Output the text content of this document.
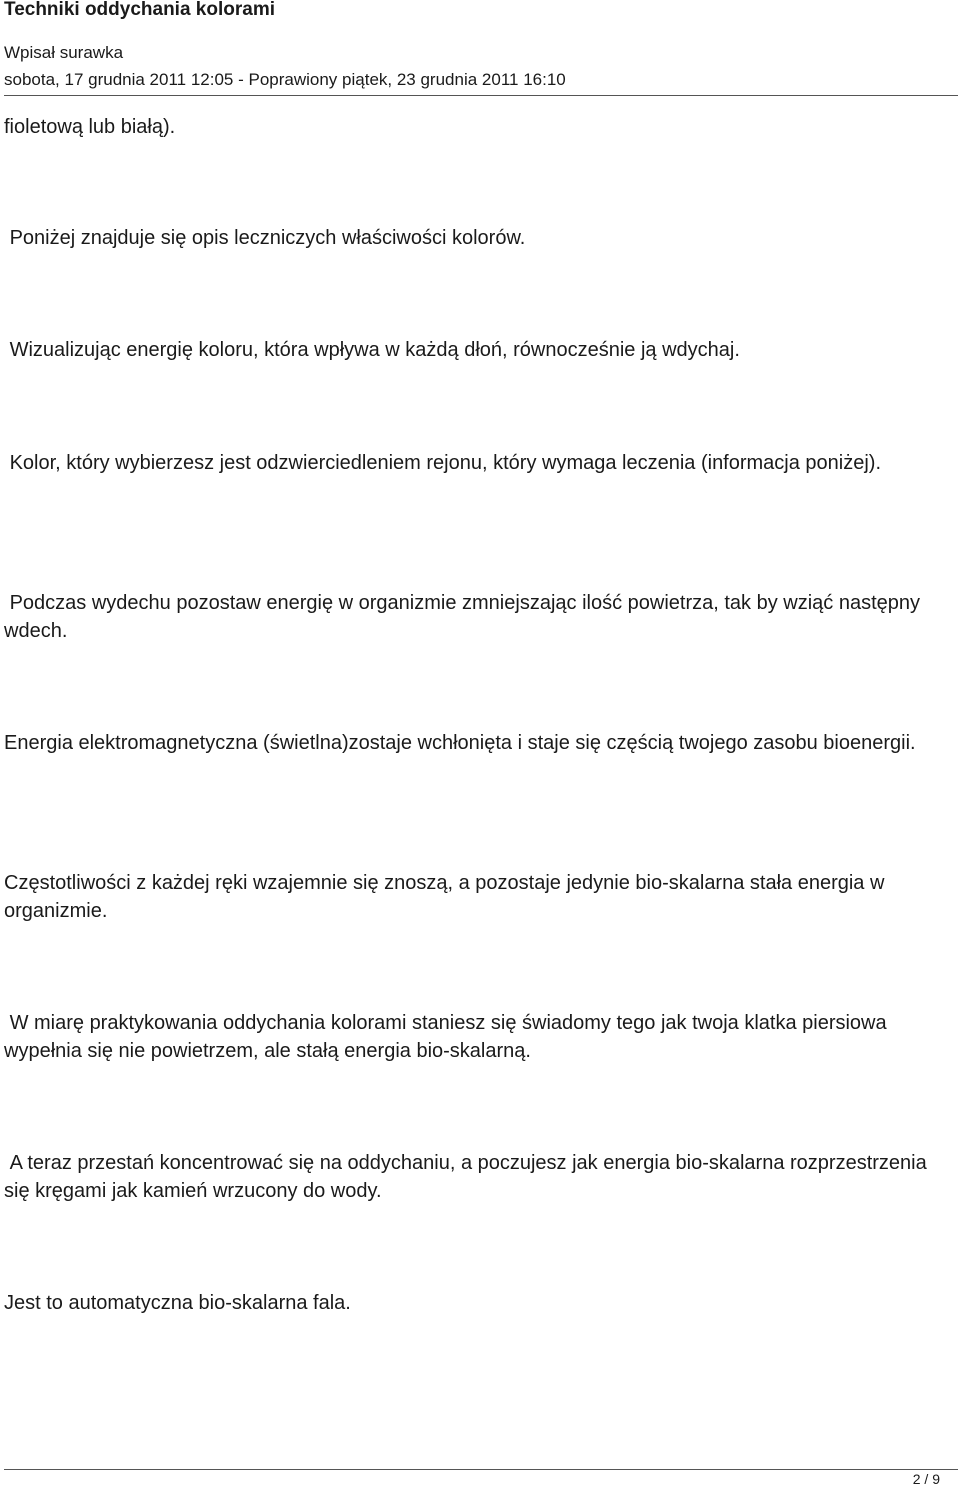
Techniki oddychania kolorami
Wpisał surawka
sobota, 17 grudnia 2011 12:05 - Poprawiony piątek, 23 grudnia 2011 16:10

fioletową lub białą).

Poniżej znajduje się opis leczniczych właściwości kolorów.

Wizualizując energię koloru, która wpływa w każdą dłoń, równocześnie ją wdychaj.

Kolor, który wybierzesz jest odzwierciedleniem rejonu, który wymaga leczenia (informacja poniżej).

Podczas wydechu pozostaw energię w organizmie zmniejszając ilość powietrza, tak by wziąć następny wdech.

Energia elektromagnetyczna (świetlna)zostaje wchłonięta i staje się częścią twojego zasobu bioenergii.

Częstotliwości z każdej ręki wzajemnie się znoszą, a pozostaje jedynie bio-skalarna stała energia w organizmie.

W miarę praktykowania oddychania kolorami staniesz się świadomy tego jak twoja klatka piersiowa wypełnia się nie powietrzem, ale stałą energia bio-skalarną.

A teraz przestań koncentrować się na oddychaniu, a poczujesz jak energia bio-skalarna rozprzestrzenia się kręgami jak kamień wrzucony do wody.

Jest to automatyczna bio-skalarna fala.

2 / 9
